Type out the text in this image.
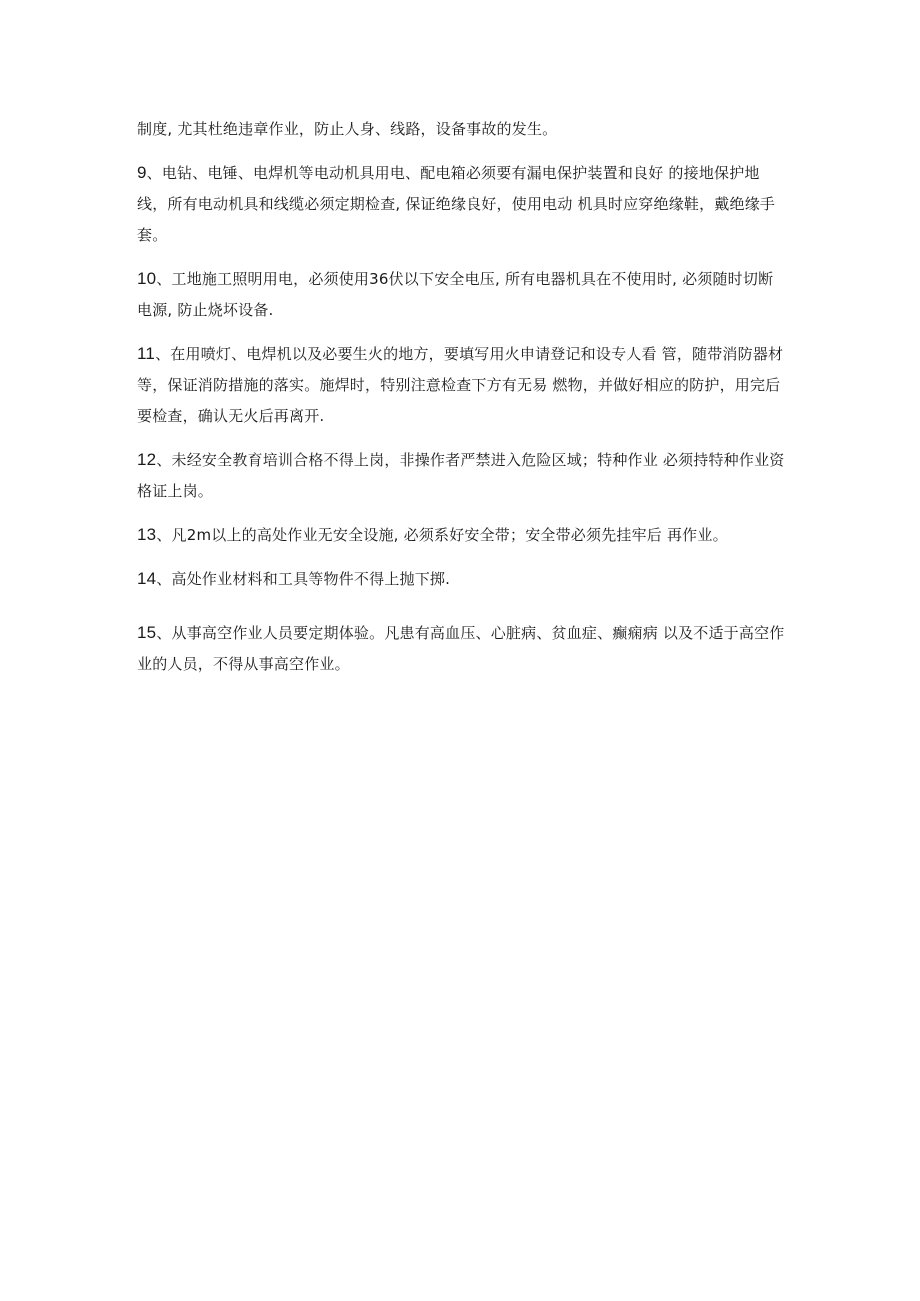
制度, 尤其杜绝违章作业，防止人身、线路，设备事故的发生。

9、电钻、电锤、电焊机等电动机具用电、配电箱必须要有漏电保护装置和良好 的接地保护地线，所有电动机具和线缆必须定期检查, 保证绝缘良好，使用电动 机具时应穿绝缘鞋，戴绝缘手套。

10、工地施工照明用电，必须使用36伏以下安全电压, 所有电器机具在不使用时, 必须随时切断电源, 防止烧坏设备.

11、在用喷灯、电焊机以及必要生火的地方，要填写用火申请登记和设专人看 管，随带消防器材等，保证消防措施的落实。施焊时，特别注意检查下方有无易 燃物，并做好相应的防护，用完后要检查，确认无火后再离开.

12、未经安全教育培训合格不得上岗，非操作者严禁进入危险区域；特种作业 必须持特种作业资格证上岗。

13、凡2m以上的高处作业无安全设施, 必须系好安全带；安全带必须先挂牢后 再作业。

14、高处作业材料和工具等物件不得上抛下掷.

15、从事高空作业人员要定期体验。凡患有高血压、心脏病、贫血症、癫痫病 以及不适于高空作业的人员，不得从事高空作业。
